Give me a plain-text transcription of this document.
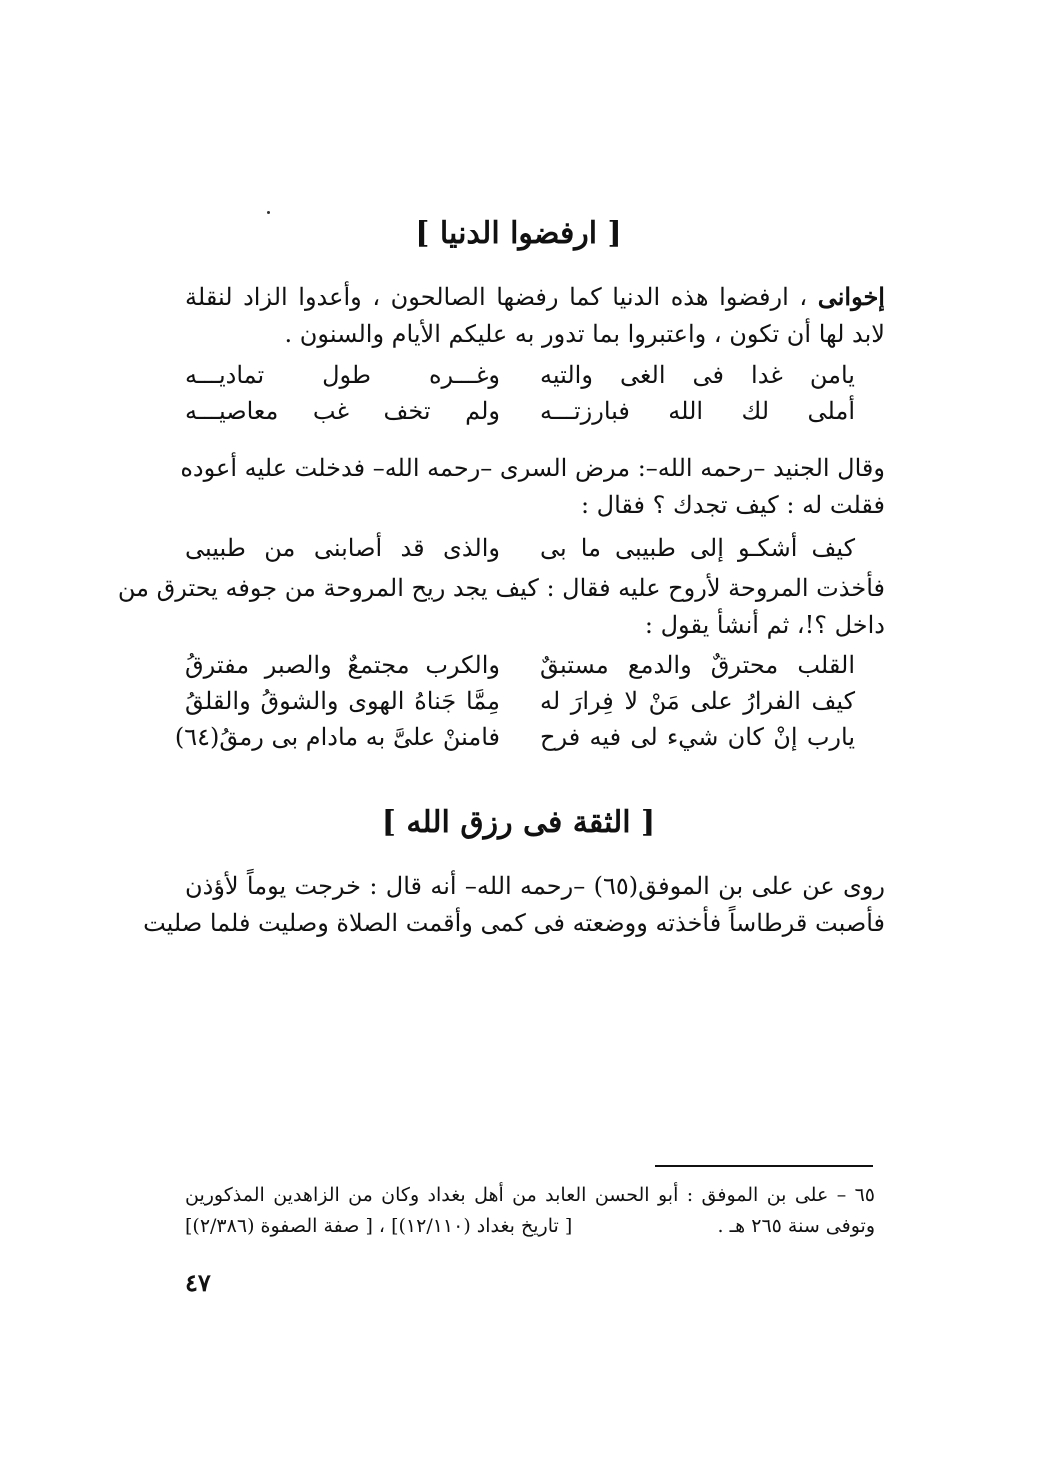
[ ارفضوا الدنيا ]
إخوانى ، ارفضوا هذه الدنيا كما رفضها الصالحون ، وأعدوا الزاد لنقلة
لابد لها أن تكون ، واعتبروا بما تدور به عليكم الأيام والسنون .
يامن غدا فى الغى والتيه
وغـــره طول تماديـــه
أملى لك الله فبارزتـــه
ولم تخف غب معاصيـــه
وقال الجنيد –رحمه الله–: مرض السرى –رحمه الله– فدخلت عليه أعوده
فقلت له : كيف تجدك ؟ فقال :
كيف أشكـو إلى طبيبى ما بى
والذى قد أصابنى من طبيبى
فأخذت المروحة لأروح عليه فقال : كيف يجد ريح المروحة من جوفه يحترق من
داخل ؟!، ثم أنشأ يقول :
القلب محترقٌ والدمع مستبقٌ
والكرب مجتمعٌ والصبر مفترقُ
كيف الفرارُ على مَنْ لا فِرارَ له
مِمَّا جَناهُ الهوى والشوقُ والقلقُ
يارب إنْ كان شيء لى فيه فرح
فامننْ علىَّ به مادام بى رمقُ(٦٤)
[ الثقة فى رزق الله ]
روى عن على بن الموفق(٦٥) –رحمه الله– أنه قال : خرجت يوماً لأؤذن
فأصبت قرطاساً فأخذته ووضعته فى كمى وأقمت الصلاة وصليت فلما صليت
٦٥ – على بن الموفق : أبو الحسن العابد من أهل بغداد وكان من الزاهدين المذكورين
وتوفى سنة ٢٦٥ هـ .
[ تاريخ بغداد (١٢/١١٠)] ، [ صفة الصفوة (٢/٣٨٦)]
٤٧
